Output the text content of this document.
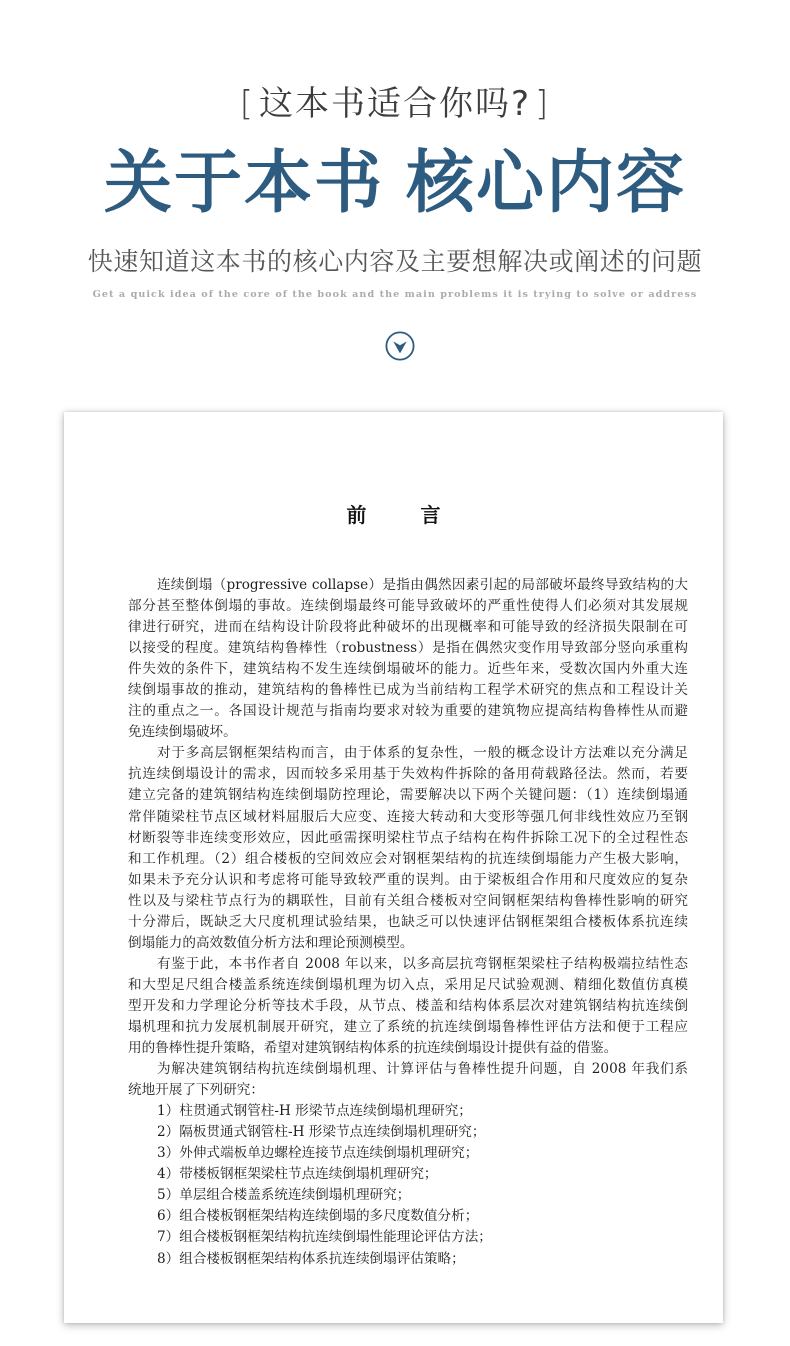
[ 这本书适合你吗? ]
关于本书 核心内容
快速知道这本书的核心内容及主要想解决或阐述的问题
Get a quick idea of the core of the book and the main problems it is trying to solve or address
前	言
连续倒塌（progressive collapse）是指由偶然因素引起的局部破坏最终导致结构的大
部分甚至整体倒塌的事故。连续倒塌最终可能导致破坏的严重性使得人们必须对其发展规
律进行研究，进而在结构设计阶段将此种破坏的出现概率和可能导致的经济损失限制在可
以接受的程度。建筑结构鲁棒性（robustness）是指在偶然灾变作用导致部分竖向承重构
件失效的条件下，建筑结构不发生连续倒塌破坏的能力。近些年来，受数次国内外重大连
续倒塌事故的推动，建筑结构的鲁棒性已成为当前结构工程学术研究的焦点和工程设计关
注的重点之一。各国设计规范与指南均要求对较为重要的建筑物应提高结构鲁棒性从而避
免连续倒塌破坏。
对于多高层钢框架结构而言，由于体系的复杂性，一般的概念设计方法难以充分满足
抗连续倒塌设计的需求，因而较多采用基于失效构件拆除的备用荷载路径法。然而，若要
建立完备的建筑钢结构连续倒塌防控理论，需要解决以下两个关键问题：（1）连续倒塌通
常伴随梁柱节点区域材料屈服后大应变、连接大转动和大变形等强几何非线性效应乃至钢
材断裂等非连续变形效应，因此亟需探明梁柱节点子结构在构件拆除工况下的全过程性态
和工作机理。（2）组合楼板的空间效应会对钢框架结构的抗连续倒塌能力产生极大影响，
如果未予充分认识和考虑将可能导致较严重的误判。由于梁板组合作用和尺度效应的复杂
性以及与梁柱节点行为的耦联性，目前有关组合楼板对空间钢框架结构鲁棒性影响的研究
十分滞后，既缺乏大尺度机理试验结果，也缺乏可以快速评估钢框架组合楼板体系抗连续
倒塌能力的高效数值分析方法和理论预测模型。
有鉴于此，本书作者自 2008 年以来，以多高层抗弯钢框架梁柱子结构极端拉结性态
和大型足尺组合楼盖系统连续倒塌机理为切入点，采用足尺试验观测、精细化数值仿真模
型开发和力学理论分析等技术手段，从节点、楼盖和结构体系层次对建筑钢结构抗连续倒
塌机理和抗力发展机制展开研究，建立了系统的抗连续倒塌鲁棒性评估方法和便于工程应
用的鲁棒性提升策略，希望对建筑钢结构体系的抗连续倒塌设计提供有益的借鉴。
为解决建筑钢结构抗连续倒塌机理、计算评估与鲁棒性提升问题，自 2008 年我们系
统地开展了下列研究：
1）柱贯通式钢管柱-H 形梁节点连续倒塌机理研究；
2）隔板贯通式钢管柱-H 形梁节点连续倒塌机理研究；
3）外伸式端板单边螺栓连接节点连续倒塌机理研究；
4）带楼板钢框架梁柱节点连续倒塌机理研究；
5）单层组合楼盖系统连续倒塌机理研究；
6）组合楼板钢框架结构连续倒塌的多尺度数值分析；
7）组合楼板钢框架结构抗连续倒塌性能理论评估方法；
8）组合楼板钢框架结构体系抗连续倒塌评估策略；
